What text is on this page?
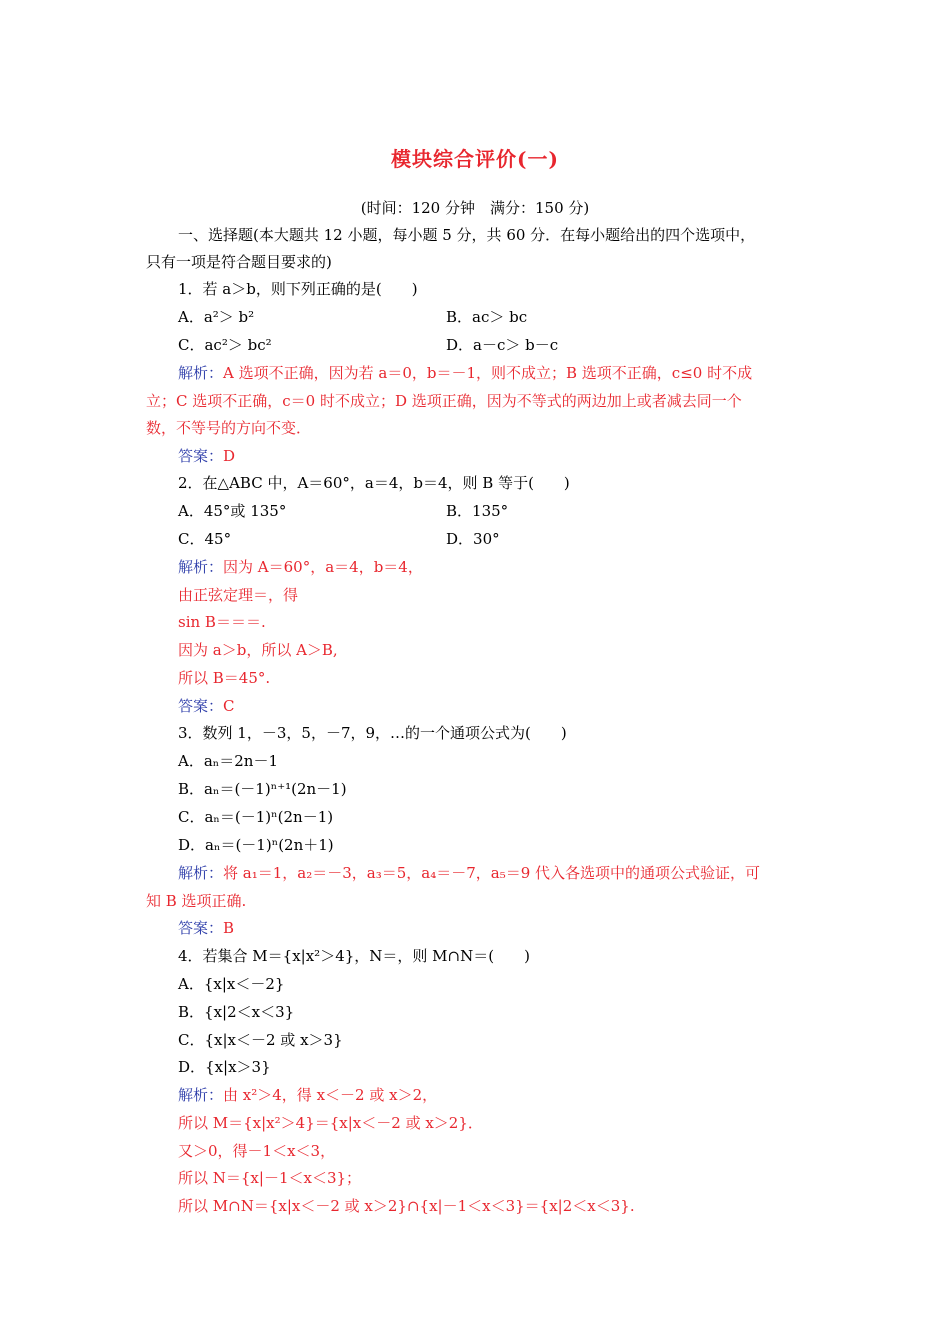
模块综合评价(一)
(时间：120 分钟　满分：150 分)
一、选择题(本大题共 12 小题，每小题 5 分，共 60 分．在每小题给出的四个选项中，
只有一项是符合题目要求的)
1．若 a＞b，则下列正确的是(　　)
A．a²＞ b²	B．ac＞ bc
C．ac²＞ bc²	D．a－c＞ b－c
解析：A 选项不正确，因为若 a＝0，b＝－1，则不成立；B 选项不正确，c≤0 时不成
立；C 选项不正确，c＝0 时不成立；D 选项正确，因为不等式的两边加上或者减去同一个
数，不等号的方向不变．
答案：D
2．在△ABC 中，A＝60°，a＝4，b＝4，则 B 等于(　　)
A．45°或 135°	B．135°
C．45°	D．30°
解析：因为 A＝60°，a＝4，b＝4，
由正弦定理＝，得
sin B＝＝＝.
因为 a＞b，所以 A＞B,
所以 B＝45°.
答案：C
3．数列 1，－3，5，－7，9，…的一个通项公式为(　　)
A．aₙ＝2n－1
B．aₙ＝(－1)ⁿ⁺¹(2n－1)
C．aₙ＝(－1)ⁿ(2n－1)
D．aₙ＝(－1)ⁿ(2n＋1)
解析：将 a₁＝1，a₂＝－3，a₃＝5，a₄＝－7，a₅＝9 代入各选项中的通项公式验证，可
知 B 选项正确.
答案：B
4．若集合 M＝{x|x²＞4}，N＝，则 M∩N＝(　　)
A．{x|x＜－2}
B．{x|2＜x＜3}
C．{x|x＜－2 或 x＞3}
D．{x|x＞3}
解析：由 x²＞4，得 x＜－2 或 x＞2，
所以 M＝{x|x²＞4}＝{x|x＜－2 或 x＞2}．
又＞0，得－1＜x＜3，
所以 N＝{x|－1＜x＜3}；
所以 M∩N＝{x|x＜－2 或 x＞2}∩{x|－1＜x＜3}＝{x|2＜x＜3}.
